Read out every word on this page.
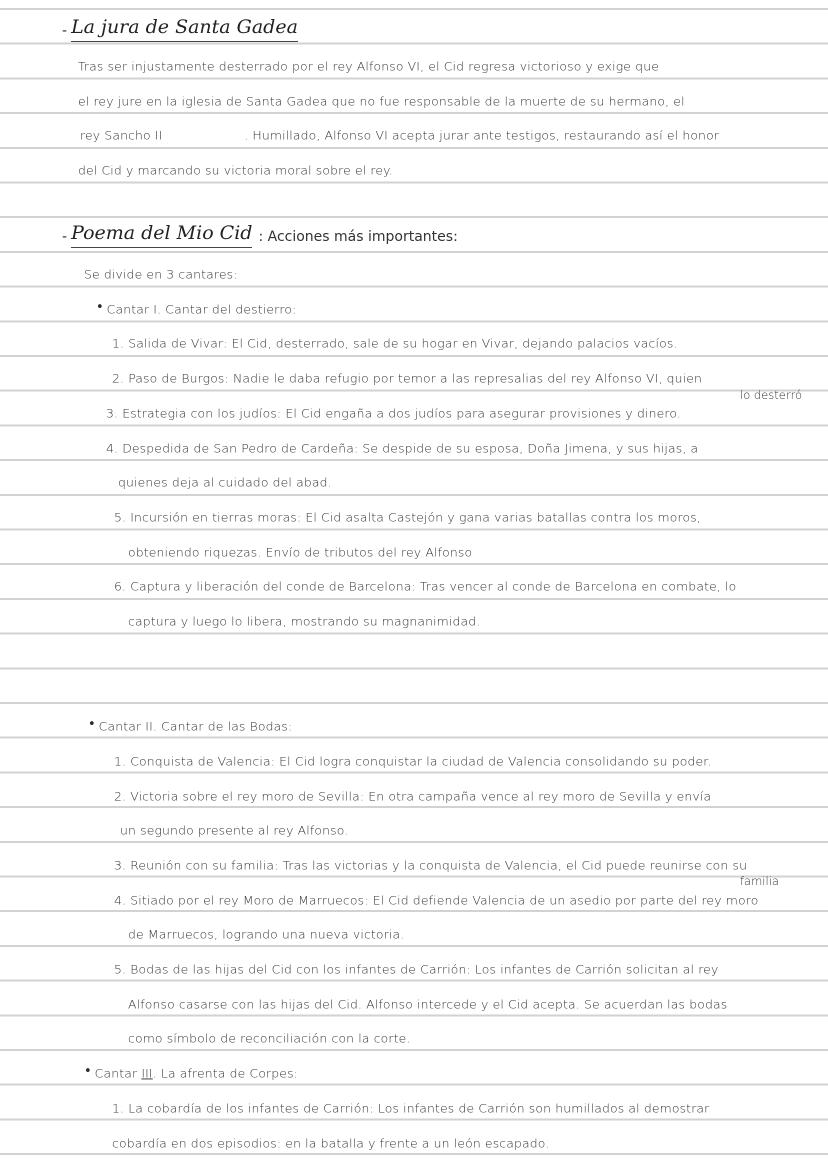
- La jura de Santa Gadea
Tras ser injustamente desterrado por el rey Alfonso VI, el Cid regresa victorioso y exige que
el rey jure en la iglesia de Santa Gadea que no fue responsable de la muerte de su hermano, el
rey Sancho II                    . Humillado, Alfonso VI acepta jurar ante testigos, restaurando así el honor
del Cid y marcando su victoria moral sobre el rey.
- Poema del Mio Cid : Acciones más importantes:
Se divide en 3 cantares:
• Cantar I. Cantar del destierro:
1. Salida de Vivar: El Cid, desterrado, sale de su hogar en Vivar, dejando palacios vacíos.
2. Paso de Burgos: Nadie le daba refugio por temor a las represalias del rey Alfonso VI, quien
lo desterró
3. Estrategia con los judíos: El Cid engaña a dos judíos para asegurar provisiones y dinero.
4. Despedida de San Pedro de Cardeña: Se despide de su esposa, Doña Jimena, y sus hijas, a
quienes deja al cuidado del abad.
5. Incursión en tierras moras: El Cid asalta Castejón y gana varias batallas contra los moros,
obteniendo riquezas. Envío de tributos del rey Alfonso
6. Captura y liberación del conde de Barcelona: Tras vencer al conde de Barcelona en combate, lo
captura y luego lo libera, mostrando su magnanimidad.
• Cantar II. Cantar de las Bodas:
1. Conquista de Valencia: El Cid logra conquistar la ciudad de Valencia consolidando su poder.
2. Victoria sobre el rey moro de Sevilla: En otra campaña vence al rey moro de Sevilla y envía
un segundo presente al rey Alfonso.
3. Reunión con su familia: Tras las victorias y la conquista de Valencia, el Cid puede reunirse con su
familia
4. Sitiado por el rey Moro de Marruecos: El Cid defiende Valencia de un asedio por parte del rey moro
de Marruecos, logrando una nueva victoria.
5. Bodas de las hijas del Cid con los infantes de Carrión: Los infantes de Carrión solicitan al rey
Alfonso casarse con las hijas del Cid. Alfonso intercede y el Cid acepta. Se acuerdan las bodas
como símbolo de reconciliación con la corte.
• Cantar III . La afrenta de Corpes:
1. La cobardía de los infantes de Carrión: Los infantes de Carrión son humillados al demostrar
cobardía en dos episodios: en la batalla y frente a un león escapado.
